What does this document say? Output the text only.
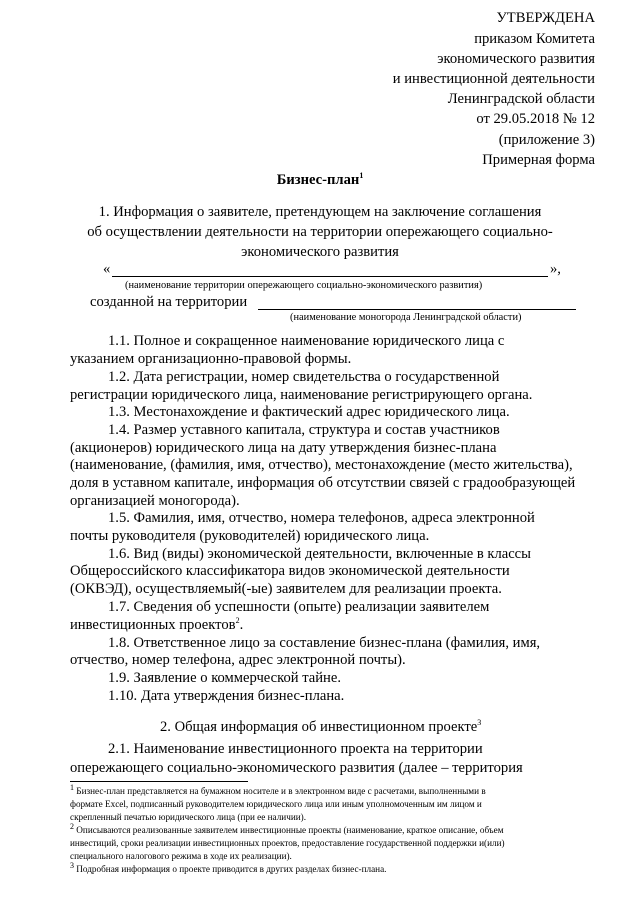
УТВЕРЖДЕНА
приказом Комитета
экономического развития
и инвестиционной деятельности
Ленинградской области
от 29.05.2018 № 12
(приложение 3)
Примерная форма
Бизнес-план$^1$
1. Информация о заявителе, претендующем на заключение соглашения
об осуществлении деятельности на территории опережающего социально-
экономического развития
«	»,
(наименование территории опережающего социально-экономического развития)
созданной на территории
(наименование моногорода Ленинградской области)
1.1. Полное и сокращенное наименование юридического лица с
указанием организационно-правовой формы.
1.2. Дата регистрации, номер свидетельства о государственной
регистрации юридического лица, наименование регистрирующего органа.
1.3. Местонахождение и фактический адрес юридического лица.
1.4. Размер уставного капитала, структура и состав участников
(акционеров) юридического лица на дату утверждения бизнес-плана
(наименование, (фамилия, имя, отчество), местонахождение (место жительства),
доля в уставном капитале, информация об отсутствии связей с градообразующей
организацией моногорода).
1.5. Фамилия, имя, отчество, номера телефонов, адреса электронной
почты руководителя (руководителей) юридического лица.
1.6. Вид (виды) экономической деятельности, включенные в классы
Общероссийского классификатора видов экономической деятельности
(ОКВЭД), осуществляемый(-ые) заявителем для реализации проекта.
1.7. Сведения об успешности (опыте) реализации заявителем
инвестиционных проектов$^2$.
1.8. Ответственное лицо за составление бизнес-плана (фамилия, имя,
отчество, номер телефона, адрес электронной почты).
1.9. Заявление о коммерческой тайне.
1.10. Дата утверждения бизнес-плана.
2. Общая информация об инвестиционном проекте$^3$
2.1. Наименование инвестиционного проекта на территории
опережающего социально-экономического развития (далее – территория
$^1$ Бизнес-план представляется на бумажном носителе и в электронном виде с расчетами, выполненными в
формате Excel, подписанный руководителем юридического лица или иным уполномоченным им лицом и
скрепленный печатью юридического лица (при ее наличии).
$^2$ Описываются реализованные заявителем инвестиционные проекты (наименование, краткое описание, объем
инвестиций, сроки реализации инвестиционных проектов, предоставление государственной поддержки и(или)
специального налогового режима в ходе их реализации).
$^3$ Подробная информация о проекте приводится в других разделах бизнес-плана.
